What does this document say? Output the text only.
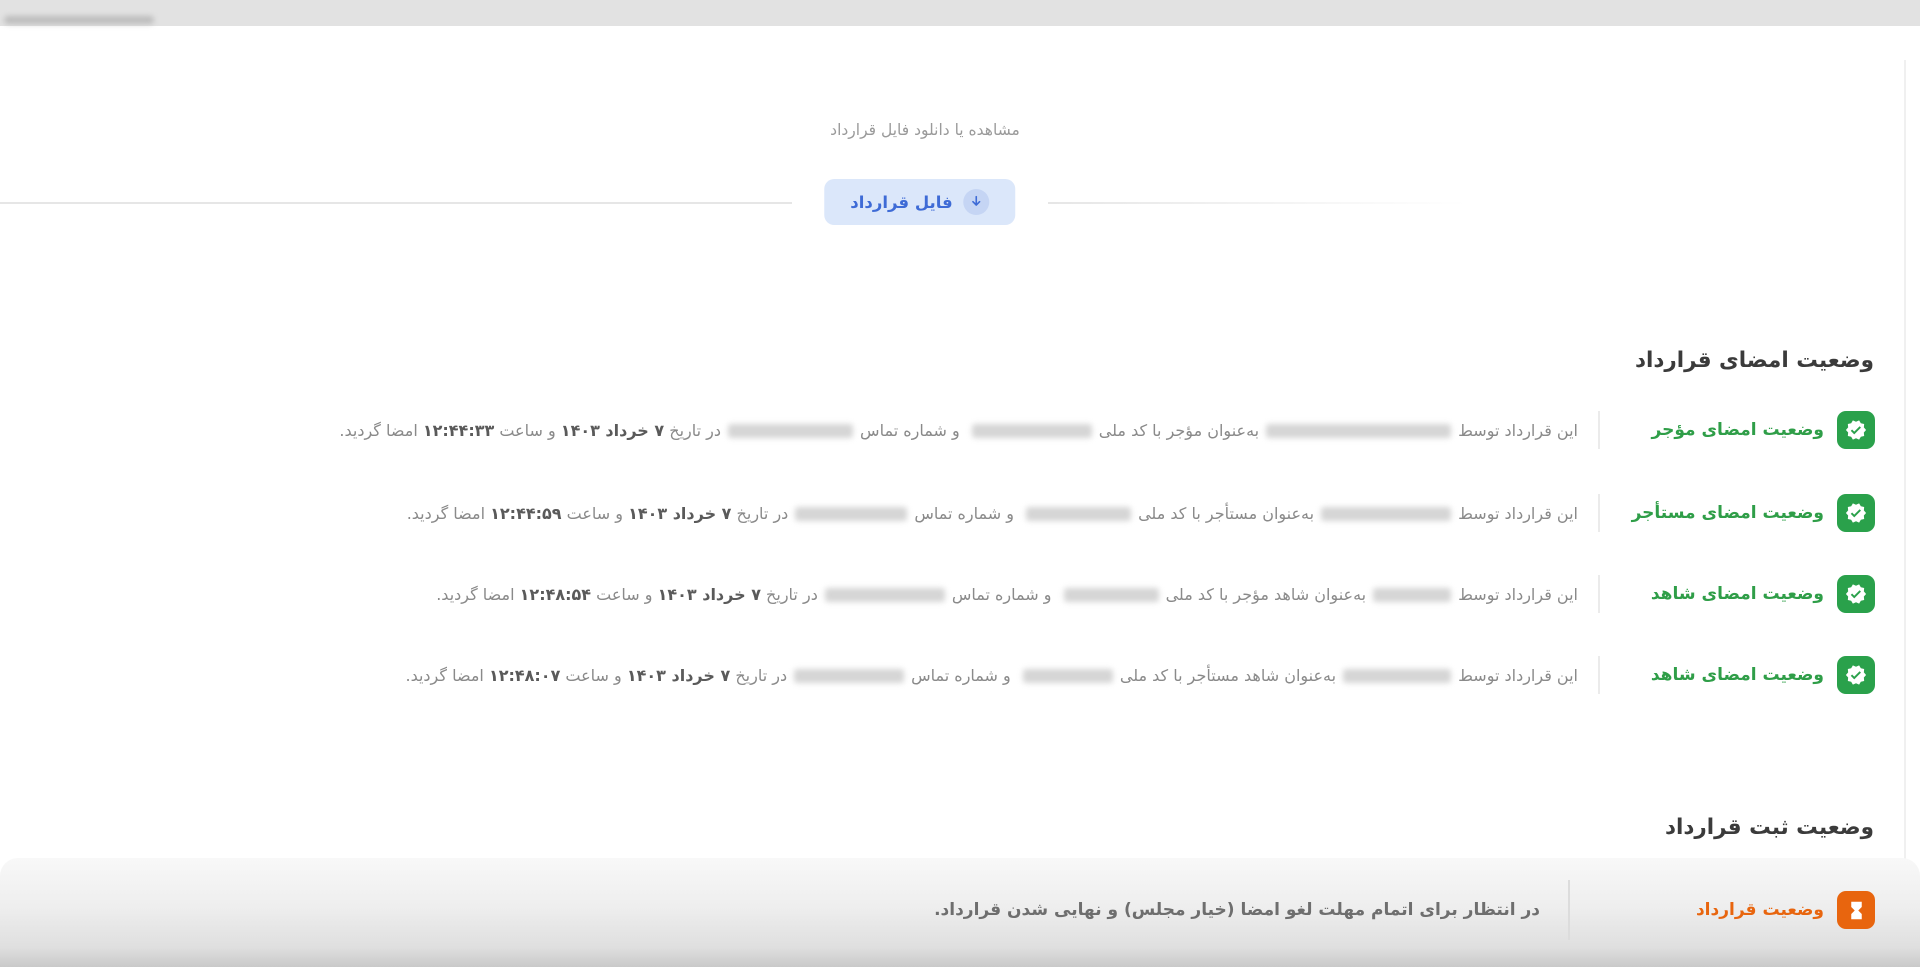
مشاهده یا دانلود فایل قرارداد
فایل قرارداد
وضعیت امضای قرارداد
وضعیت امضای مؤجر
این قرارداد توسطبه‌عنوان مؤجر با کد ملی و شماره تماسدر تاریخ ۷ خرداد ۱۴۰۳ و ساعت ۱۲:۴۴:۳۳ امضا گردید.
وضعیت امضای مستأجر
این قرارداد توسطبه‌عنوان مستأجر با کد ملی و شماره تماسدر تاریخ ۷ خرداد ۱۴۰۳ و ساعت ۱۲:۴۴:۵۹ امضا گردید.
وضعیت امضای شاهد
این قرارداد توسطبه‌عنوان شاهد مؤجر با کد ملی و شماره تماسدر تاریخ ۷ خرداد ۱۴۰۳ و ساعت ۱۲:۴۸:۵۴ امضا گردید.
وضعیت امضای شاهد
این قرارداد توسطبه‌عنوان شاهد مستأجر با کد ملی و شماره تماسدر تاریخ ۷ خرداد ۱۴۰۳ و ساعت ۱۲:۴۸:۰۷ امضا گردید.
وضعیت ثبت قرارداد
وضعیت قرارداد
در انتظار برای اتمام مهلت لغو امضا (خیار مجلس) و نهایی شدن قرارداد.
